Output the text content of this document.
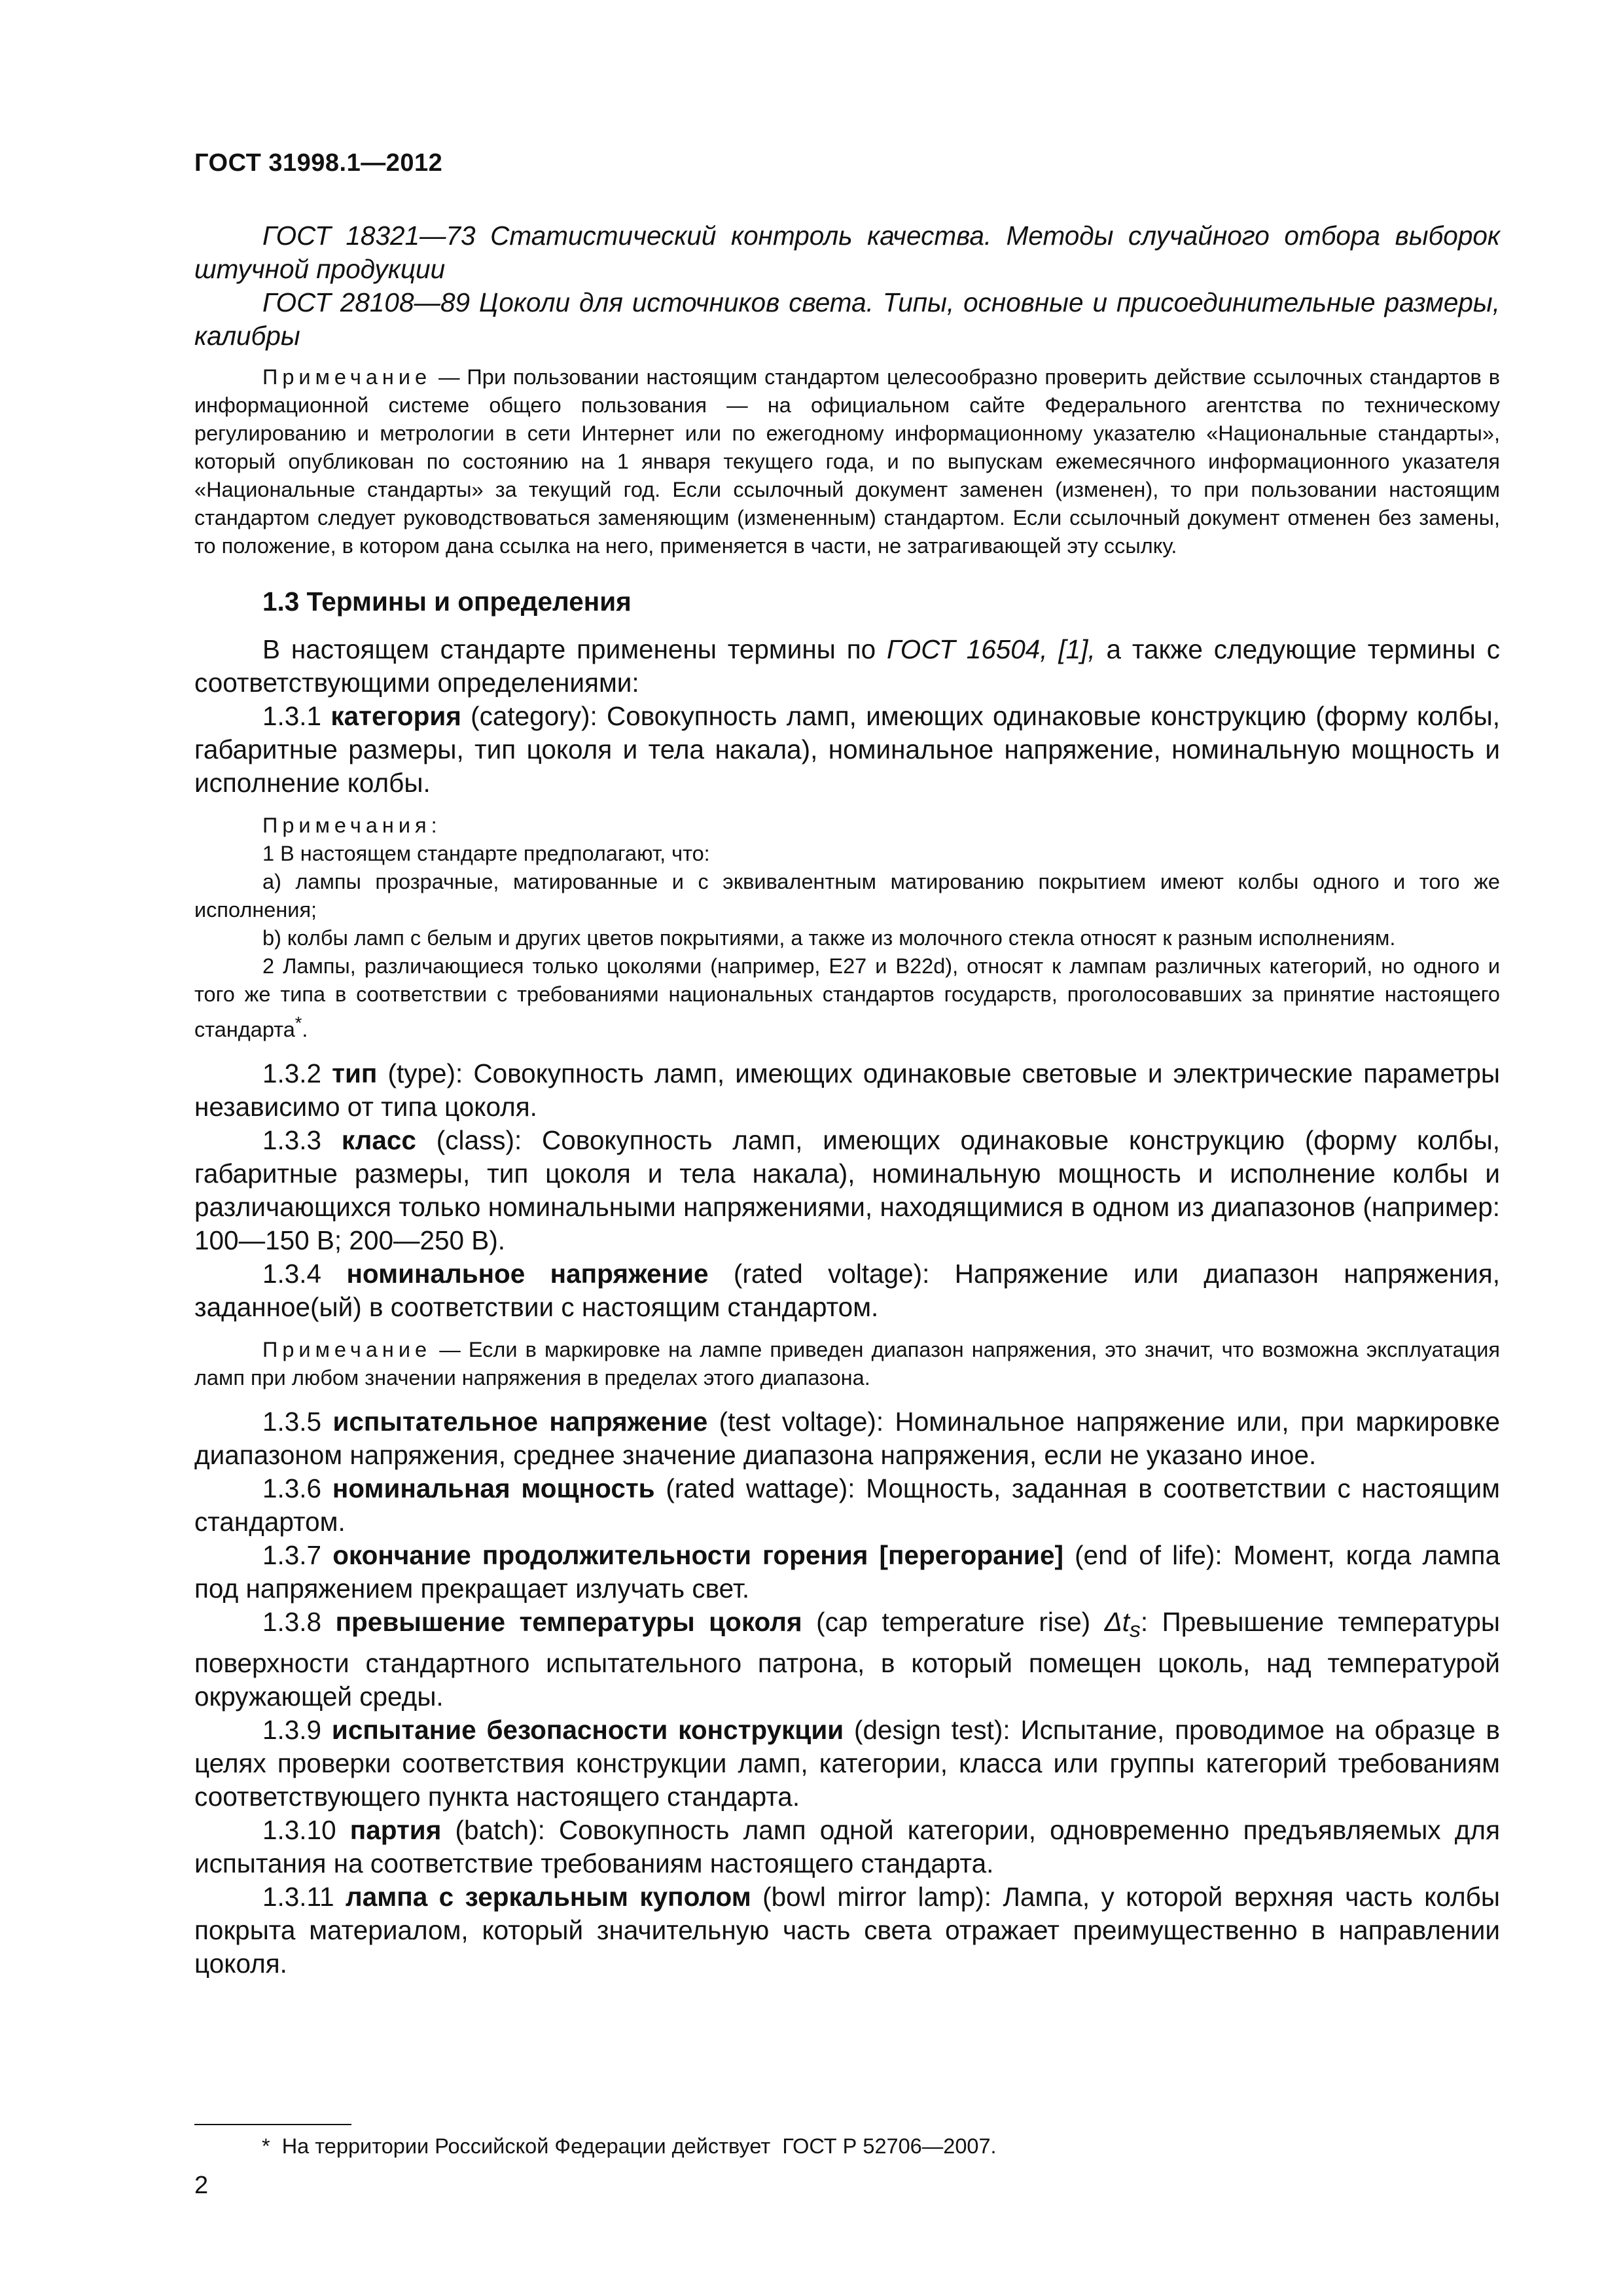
ГОСТ 31998.1—2012

ГОСТ 18321—73 Статистический контроль качества. Методы случайного отбора выборок штучной продукции

ГОСТ 28108—89 Цоколи для источников света. Типы, основные и присоединительные размеры, калибры

Примечание — При пользовании настоящим стандартом целесообразно проверить действие ссылочных стандартов в информационной системе общего пользования — на официальном сайте Федерального агентства по техническому регулированию и метрологии в сети Интернет или по ежегодному информационному указателю «Национальные стандарты», который опубликован по состоянию на 1 января текущего года, и по выпускам ежемесячного информационного указателя «Национальные стандарты» за текущий год. Если ссылочный документ заменен (изменен), то при пользовании настоящим стандартом следует руководствоваться заменяющим (измененным) стандартом. Если ссылочный документ отменен без замены, то положение, в котором дана ссылка на него, применяется в части, не затрагивающей эту ссылку.

1.3 Термины и определения

В настоящем стандарте применены термины по ГОСТ 16504, [1], а также следующие термины с соответствующими определениями:

1.3.1 категория (category): Совокупность ламп, имеющих одинаковые конструкцию (форму колбы, габаритные размеры, тип цоколя и тела накала), номинальное напряжение, номинальную мощность и исполнение колбы.

Примечания:

1 В настоящем стандарте предполагают, что:

а) лампы прозрачные, матированные и с эквивалентным матированию покрытием имеют колбы одного и того же исполнения;

b) колбы ламп с белым и других цветов покрытиями, а также из молочного стекла относят к разным исполнениям.

2 Лампы, различающиеся только цоколями (например, Е27 и В22d), относят к лампам различных категорий, но одного и того же типа в соответствии с требованиями национальных стандартов государств, проголосовавших за принятие настоящего стандарта*.

1.3.2 тип (type): Совокупность ламп, имеющих одинаковые световые и электрические параметры независимо от типа цоколя.

1.3.3 класс (class): Совокупность ламп, имеющих одинаковые конструкцию (форму колбы, габаритные размеры, тип цоколя и тела накала), номинальную мощность и исполнение колбы и различающихся только номинальными напряжениями, находящимися в одном из диапазонов (например: 100—150 В; 200—250 В).

1.3.4 номинальное напряжение (rated voltage): Напряжение или диапазон напряжения, заданное(ый) в соответствии с настоящим стандартом.

Примечание — Если в маркировке на лампе приведен диапазон напряжения, это значит, что возможна эксплуатация ламп при любом значении напряжения в пределах этого диапазона.

1.3.5 испытательное напряжение (test voltage): Номинальное напряжение или, при маркировке диапазоном напряжения, среднее значение диапазона напряжения, если не указано иное.

1.3.6 номинальная мощность (rated wattage): Мощность, заданная в соответствии с настоящим стандартом.

1.3.7 окончание продолжительности горения [перегорание] (end of life): Момент, когда лампа под напряжением прекращает излучать свет.

1.3.8 превышение температуры цоколя (cap temperature rise) $\Delta t_s$: Превышение температуры поверхности стандартного испытательного патрона, в который помещен цоколь, над температурой окружающей среды.

1.3.9 испытание безопасности конструкции (design test): Испытание, проводимое на образце в целях проверки соответствия конструкции ламп, категории, класса или группы категорий требованиям соответствующего пункта настоящего стандарта.

1.3.10 партия (batch): Совокупность ламп одной категории, одновременно предъявляемых для испытания на соответствие требованиям настоящего стандарта.

1.3.11 лампа с зеркальным куполом (bowl mirror lamp): Лампа, у которой верхняя часть колбы покрыта материалом, который значительную часть света отражает преимущественно в направлении цоколя.

*  На территории Российской Федерации действует  ГОСТ Р 52706—2007.
2
